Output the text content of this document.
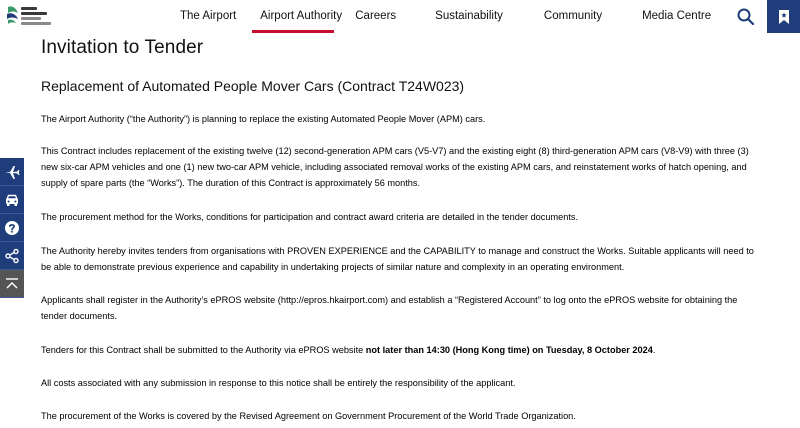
The Airport	Airport Authority	Careers	Sustainability	Community	Media Centre
Invitation to Tender
Replacement of Automated People Mover Cars (Contract T24W023)

The Airport Authority (“the Authority”) is planning to replace the existing Automated People Mover (APM) cars.

This Contract includes replacement of the existing twelve (12) second-generation APM cars (V5-V7) and the existing eight (8) third-generation APM cars (V8-V9) with three (3) new six-car APM vehicles and one (1) new two-car APM vehicle, including associated removal works of the existing APM cars, and reinstatement works of hatch opening, and supply of spare parts (the “Works”). The duration of this Contract is approximately 56 months.

The procurement method for the Works, conditions for participation and contract award criteria are detailed in the tender documents.

The Authority hereby invites tenders from organisations with PROVEN EXPERIENCE and the CAPABILITY to manage and construct the Works. Suitable applicants will need to be able to demonstrate previous experience and capability in undertaking projects of similar nature and complexity in an operating environment.

Applicants shall register in the Authority’s ePROS website (http://epros.hkairport.com) and establish a “Registered Account” to log onto the ePROS website for obtaining the tender documents.

Tenders for this Contract shall be submitted to the Authority via ePROS website not later than 14:30 (Hong Kong time) on Tuesday, 8 October 2024.

All costs associated with any submission in response to this notice shall be entirely the responsibility of the applicant.

The procurement of the Works is covered by the Revised Agreement on Government Procurement of the World Trade Organization.
